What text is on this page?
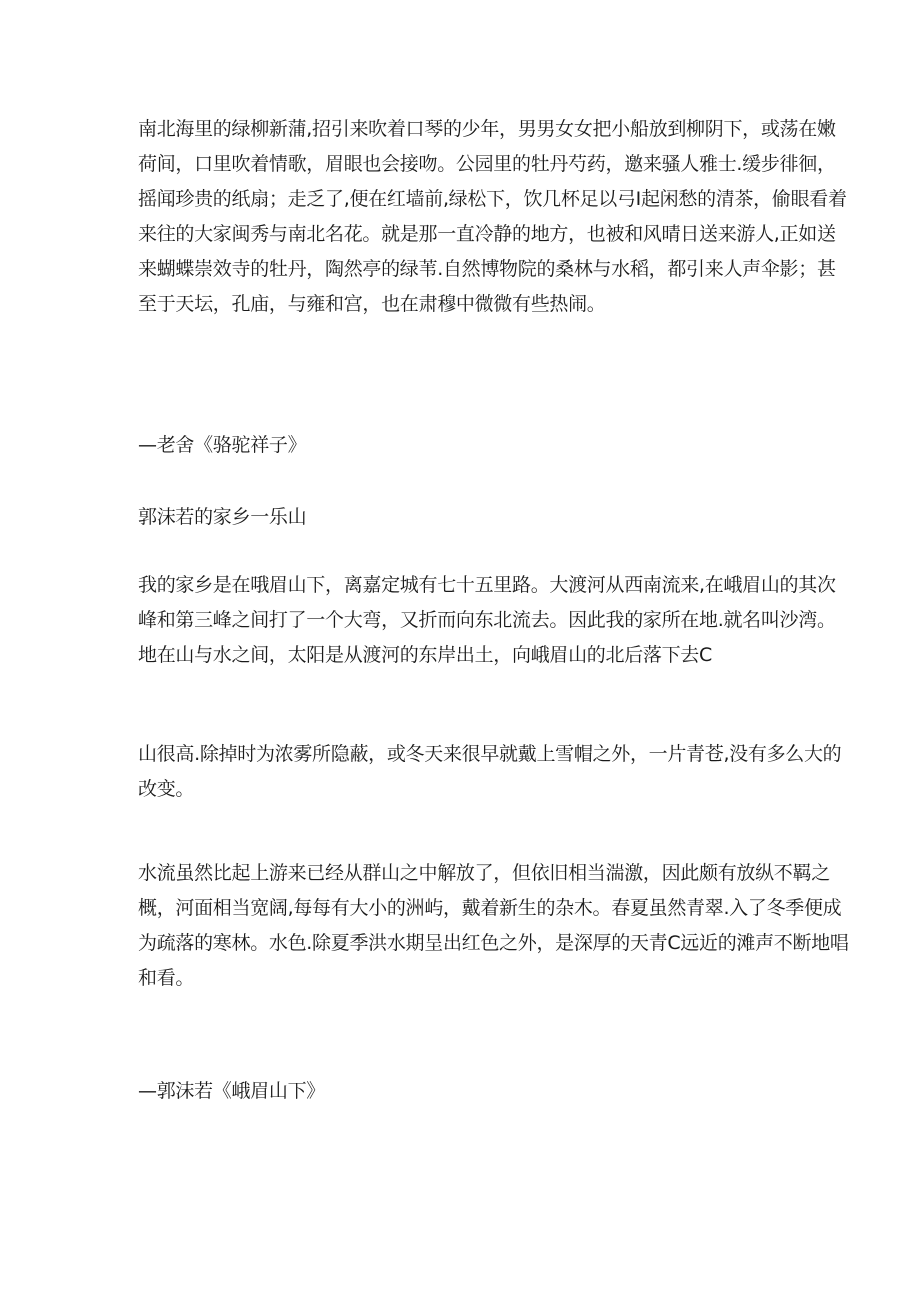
南北海里的绿柳新蒲,招引来吹着口琴的少年，男男女女把小船放到柳阴下，或荡在嫩
荷间，口里吹着情歌，眉眼也会接吻。公园里的牡丹芍药，邀来骚人雅士.缓步徘徊，
摇闻珍贵的纸扇；走乏了,便在红墙前,绿松下，饮几杯足以弓I起闲愁的清茶，偷眼看着
来往的大家闽秀与南北名花。就是那一直冷静的地方，也被和风晴日送来游人,正如送
来蝴蝶崇效寺的牡丹，陶然亭的绿苇.自然博物院的桑林与水稻，都引来人声伞影；甚
至于天坛，孔庙，与雍和宫，也在肃穆中微微有些热闹。

—老舍《骆驼祥子》

郭沫若的家乡一乐山

我的家乡是在哦眉山下，离嘉定城有七十五里路。大渡河从西南流来,在峨眉山的其次
峰和第三峰之间打了一个大弯，又折而向东北流去。因此我的家所在地.就名叫沙湾。
地在山与水之间，太阳是从渡河的东岸出土，向峨眉山的北后落下去C

山很高.除掉时为浓雾所隐蔽，或冬天来很早就戴上雪帽之外，一片青苍,没有多么大的
改变。

水流虽然比起上游来已经从群山之中解放了，但依旧相当湍激，因此颇有放纵不羁之
概，河面相当宽阔,每每有大小的洲屿，戴着新生的杂木。春夏虽然青翠.入了冬季便成
为疏落的寒林。水色.除夏季洪水期呈出红色之外，是深厚的天青C远近的滩声不断地唱
和看。

—郭沫若《峨眉山下》
